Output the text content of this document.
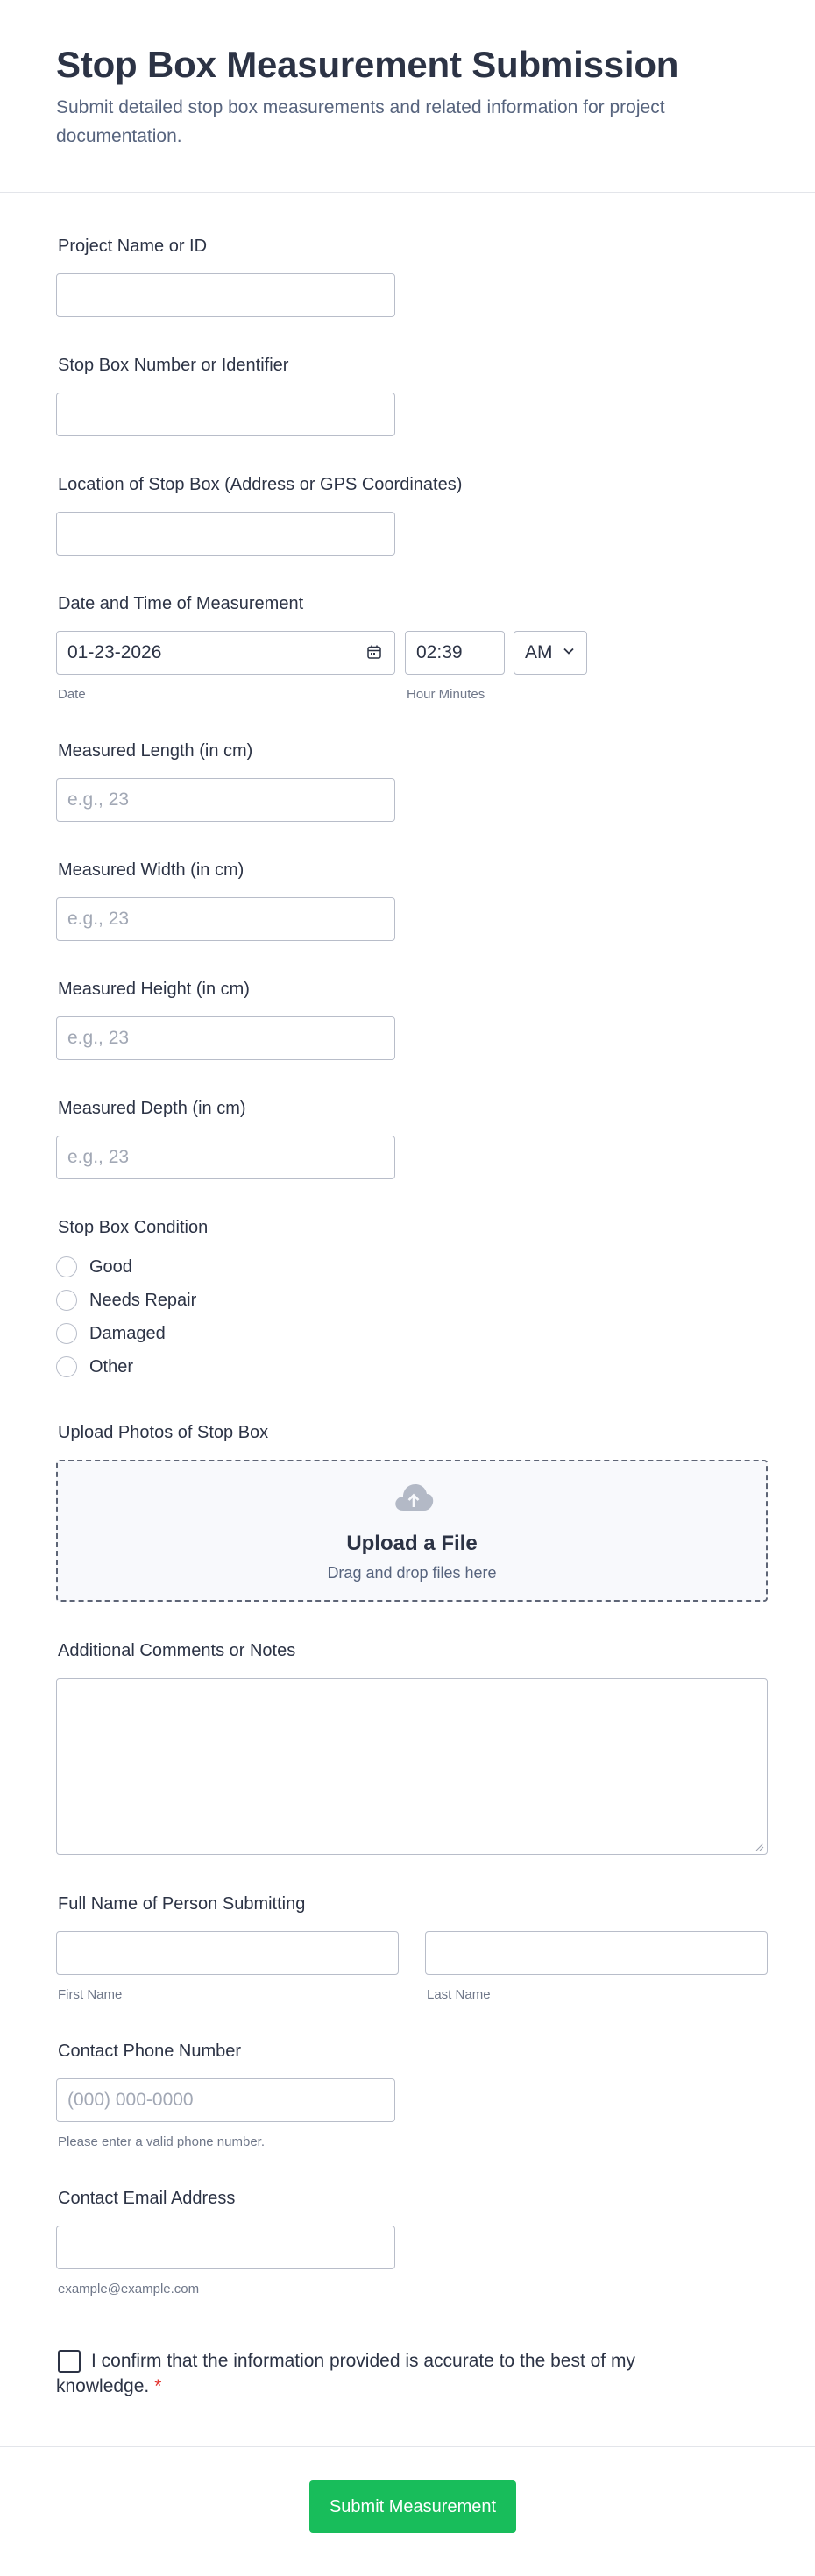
Stop Box Measurement Submission

Submit detailed stop box measurements and related information for project documentation.

Project Name or ID
Stop Box Number or Identifier
Location of Stop Box (Address or GPS Coordinates)
Date and Time of Measurement
01-23-2026
Date
02:39
Hour Minutes
AM
Measured Length (in cm)
e.g., 23
Measured Width (in cm)
e.g., 23
Measured Height (in cm)
e.g., 23
Measured Depth (in cm)
e.g., 23
Stop Box Condition
Good
Needs Repair
Damaged
Other
Upload Photos of Stop Box
Upload a File
Drag and drop files here
Additional Comments or Notes
Full Name of Person Submitting
First Name	Last Name
Contact Phone Number
(000) 000-0000
Please enter a valid phone number.
Contact Email Address
example@example.com
I confirm that the information provided is accurate to the best of my knowledge. *
Submit Measurement
